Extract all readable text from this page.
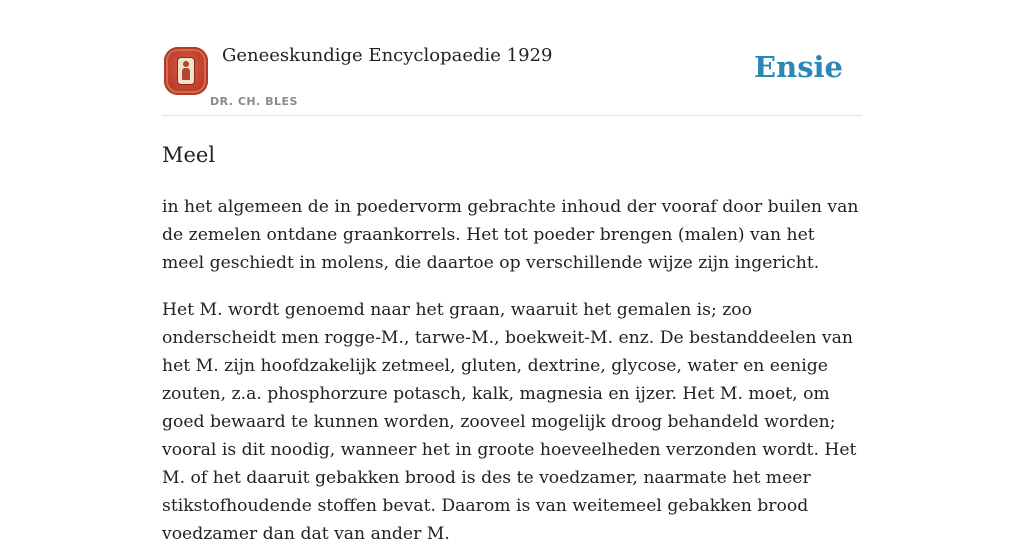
Geneeskundige Encyclopaedie 1929
DR. CH. BLES
Ensie
Meel

in het algemeen de in poedervorm gebrachte inhoud der vooraf door builen van de zemelen ontdane graankorrels. Het tot poeder brengen (malen) van het meel geschiedt in molens, die daartoe op verschillende wijze zijn ingericht.

Het M. wordt genoemd naar het graan, waaruit het gemalen is; zoo onderscheidt men rogge-M., tarwe-M., boekweit-M. enz. De bestanddeelen van het M. zijn hoofdzakelijk zetmeel, gluten, dextrine, glycose, water en eenige zouten, z.a. phosphorzure potasch, kalk, magnesia en ijzer. Het M. moet, om goed bewaard te kunnen worden, zooveel mogelijk droog behandeld worden; vooral is dit noodig, wanneer het in groote hoeveelheden verzonden wordt. Het M. of het daaruit gebakken brood is des te voedzamer, naarmate het meer stikstofhoudende stoffen bevat. Daarom is van weitemeel gebakken brood voedzamer dan dat van ander M.
